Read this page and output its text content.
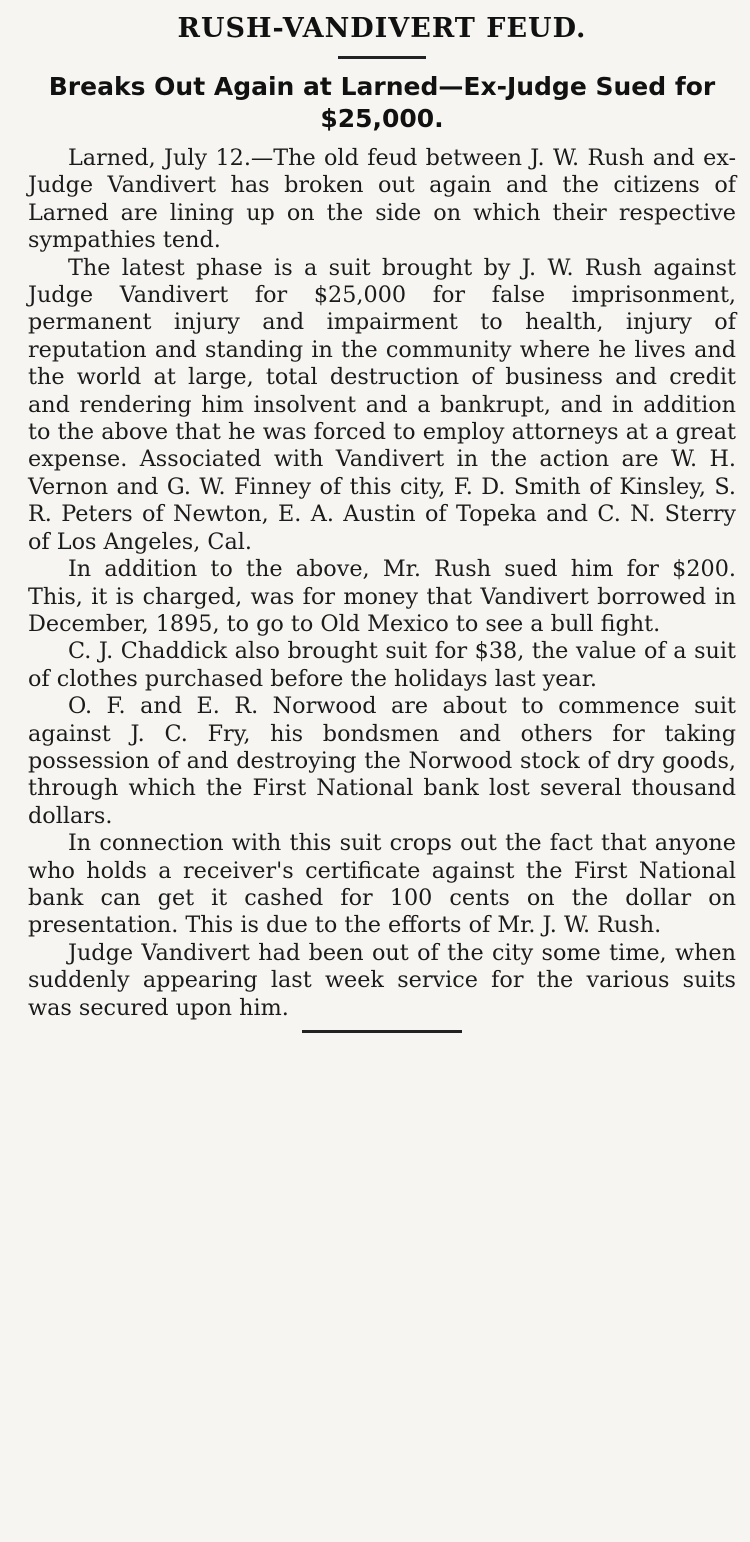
RUSH-VANDIVERT FEUD.
Breaks Out Again at Larned—Ex-Judge Sued for $25,000.

Larned, July 12.—The old feud between J. W. Rush and ex-Judge Vandivert has broken out again and the citizens of Larned are lining up on the side on which their respective sympathies tend.

The latest phase is a suit brought by J. W. Rush against Judge Vandivert for $25,000 for false imprisonment, permanent injury and impairment to health, injury of reputation and standing in the community where he lives and the world at large, total destruction of business and credit and rendering him insolvent and a bankrupt, and in addition to the above that he was forced to employ attorneys at a great expense. Associated with Vandivert in the action are W. H. Vernon and G. W. Finney of this city, F. D. Smith of Kinsley, S. R. Peters of Newton, E. A. Austin of Topeka and C. N. Sterry of Los Angeles, Cal.

In addition to the above, Mr. Rush sued him for $200. This, it is charged, was for money that Vandivert borrowed in December, 1895, to go to Old Mexico to see a bull fight.

C. J. Chaddick also brought suit for $38, the value of a suit of clothes purchased before the holidays last year.

O. F. and E. R. Norwood are about to commence suit against J. C. Fry, his bondsmen and others for taking possession of and destroying the Norwood stock of dry goods, through which the First National bank lost several thousand dollars.

In connection with this suit crops out the fact that anyone who holds a receiver's certificate against the First National bank can get it cashed for 100 cents on the dollar on presentation. This is due to the efforts of Mr. J. W. Rush.

Judge Vandivert had been out of the city some time, when suddenly appearing last week service for the various suits was secured upon him.
